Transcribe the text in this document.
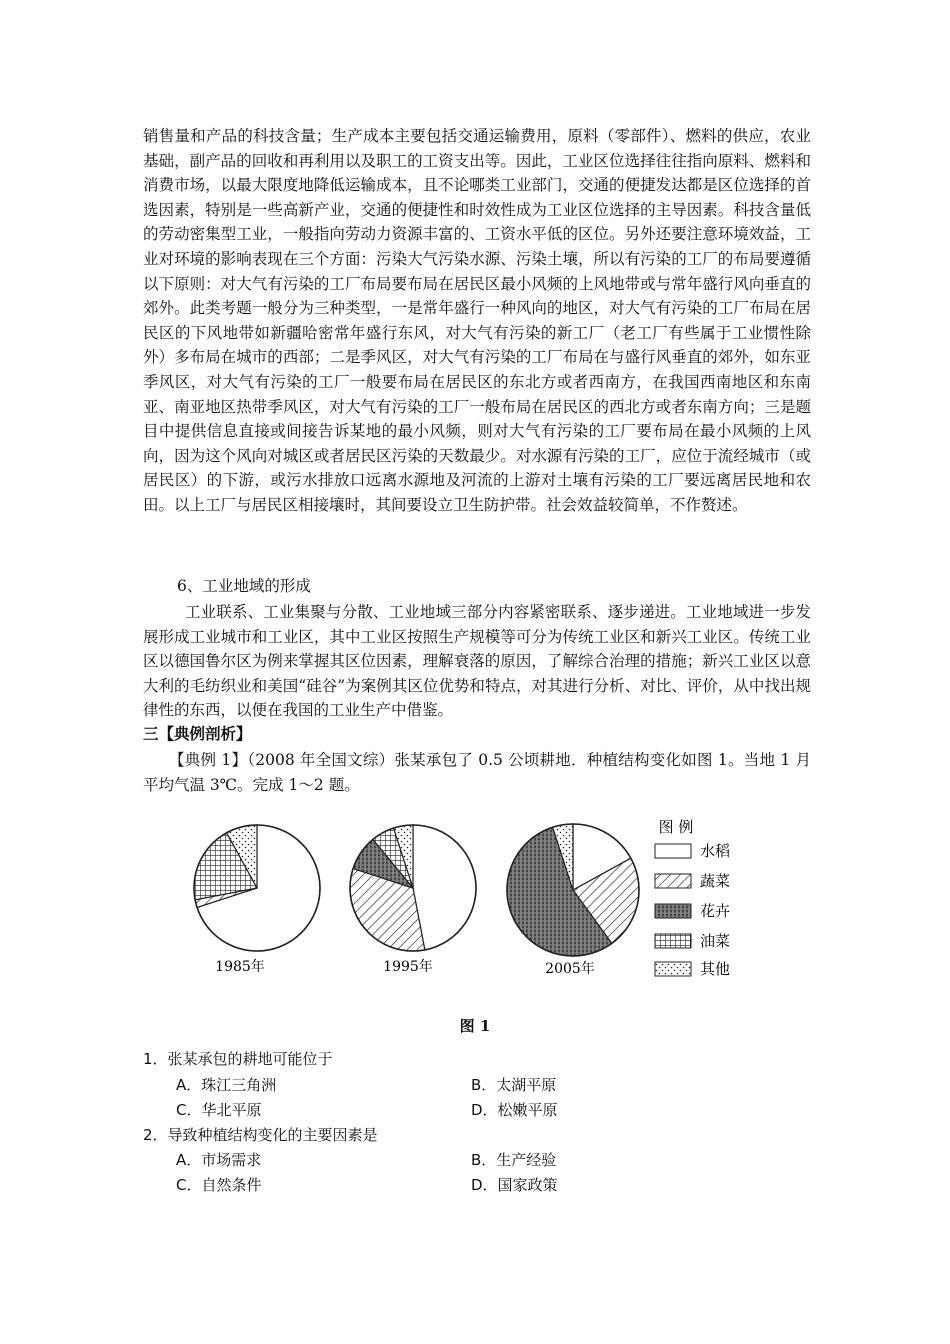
销售量和产品的科技含量；生产成本主要包括交通运输费用，原料（零部件）、燃料的供应，农业基础，副产品的回收和再利用以及职工的工资支出等。因此，工业区位选择往往指向原料、燃料和消费市场，以最大限度地降低运输成本，且不论哪类工业部门，交通的便捷发达都是区位选择的首选因素，特别是一些高新产业，交通的便捷性和时效性成为工业区位选择的主导因素。科技含量低的劳动密集型工业，一般指向劳动力资源丰富的、工资水平低的区位。另外还要注意环境效益，工业对环境的影响表现在三个方面：污染大气污染水源、污染土壤，所以有污染的工厂的布局要遵循以下原则：对大气有污染的工厂布局要布局在居民区最小风频的上风地带或与常年盛行风向垂直的郊外。此类考题一般分为三种类型，一是常年盛行一种风向的地区，对大气有污染的工厂布局在居民区的下风地带如新疆哈密常年盛行东风，对大气有污染的新工厂（老工厂有些属于工业惯性除外）多布局在城市的西部；二是季风区，对大气有污染的工厂布局在与盛行风垂直的郊外，如东亚季风区，对大气有污染的工厂一般要布局在居民区的东北方或者西南方，在我国西南地区和东南亚、南亚地区热带季风区，对大气有污染的工厂一般布局在居民区的西北方或者东南方向；三是题目中提供信息直接或间接告诉某地的最小风频，则对大气有污染的工厂要布局在最小风频的上风向，因为这个风向对城区或者居民区污染的天数最少。对水源有污染的工厂，应位于流经城市（或居民区）的下游，或污水排放口远离水源地及河流的上游对土壤有污染的工厂要远离居民地和农田。以上工厂与居民区相接壤时，其间要设立卫生防护带。社会效益较简单，不作赘述。

6、工业地域的形成

工业联系、工业集聚与分散、工业地域三部分内容紧密联系、逐步递进。工业地域进一步发展形成工业城市和工业区，其中工业区按照生产规模等可分为传统工业区和新兴工业区。传统工业区以德国鲁尔区为例来掌握其区位因素，理解衰落的原因，了解综合治理的措施；新兴工业区以意大利的毛纺织业和美国“硅谷”为案例其区位优势和特点，对其进行分析、对比、评价，从中找出规律性的东西，以便在我国的工业生产中借鉴。

三【典例剖析】

【典例 1】（2008 年全国文综）张某承包了 0.5 公顷耕地．种植结构变化如图 1。当地 1 月平均气温 3℃。完成 1～2 题。

1985年	1995年	2005年
图 例
水稻
蔬菜
花卉
油菜
其他
图 1
1．张某承包的耕地可能位于
A．珠江三角洲	B．太湖平原
C．华北平原	D．松嫩平原
2．导致种植结构变化的主要因素是
A．市场需求	B．生产经验
C．自然条件	D．国家政策
